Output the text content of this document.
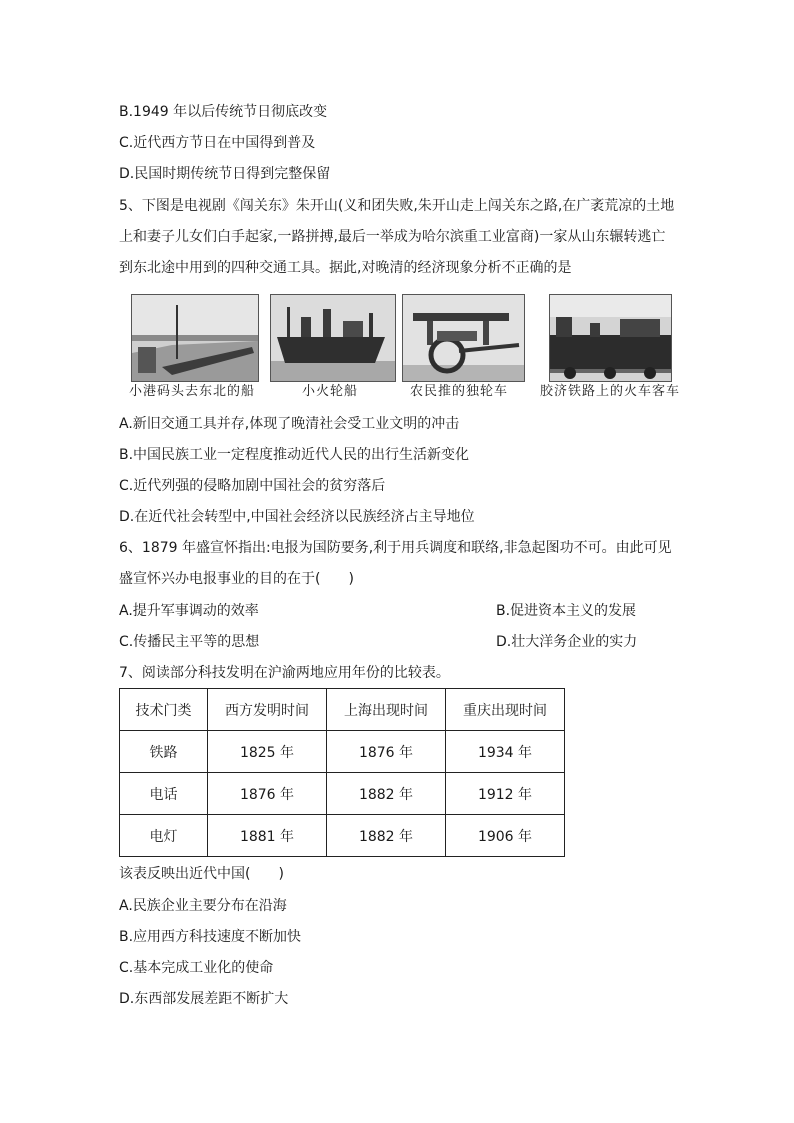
B.1949 年以后传统节日彻底改变
C.近代西方节日在中国得到普及
D.民国时期传统节日得到完整保留
5、下图是电视剧《闯关东》朱开山(义和团失败,朱开山走上闯关东之路,在广袤荒凉的土地
上和妻子儿女们白手起家,一路拼搏,最后一举成为哈尔滨重工业富商)一家从山东辗转逃亡
到东北途中用到的四种交通工具。据此,对晚清的经济现象分析不正确的是
小港码头去东北的船	小火轮船	农民推的独轮车 胶济铁路上的火车客车
A.新旧交通工具并存,体现了晚清社会受工业文明的冲击
B.中国民族工业一定程度推动近代人民的出行生活新变化
C.近代列强的侵略加剧中国社会的贫穷落后
D.在近代社会转型中,中国社会经济以民族经济占主导地位
6、1879 年盛宣怀指出:电报为国防要务,利于用兵调度和联络,非急起图功不可。由此可见
盛宣怀兴办电报事业的目的在于(　　)
A.提升军事调动的效率	B.促进资本主义的发展
C.传播民主平等的思想	D.壮大洋务企业的实力
7、阅读部分科技发明在沪渝两地应用年份的比较表。
技术门类	西方发明时间	上海出现时间	重庆出现时间
铁路	1825 年	1876 年	1934 年
电话	1876 年	1882 年	1912 年
电灯	1881 年	1882 年	1906 年
该表反映出近代中国(　　)
A.民族企业主要分布在沿海
B.应用西方科技速度不断加快
C.基本完成工业化的使命
D.东西部发展差距不断扩大
